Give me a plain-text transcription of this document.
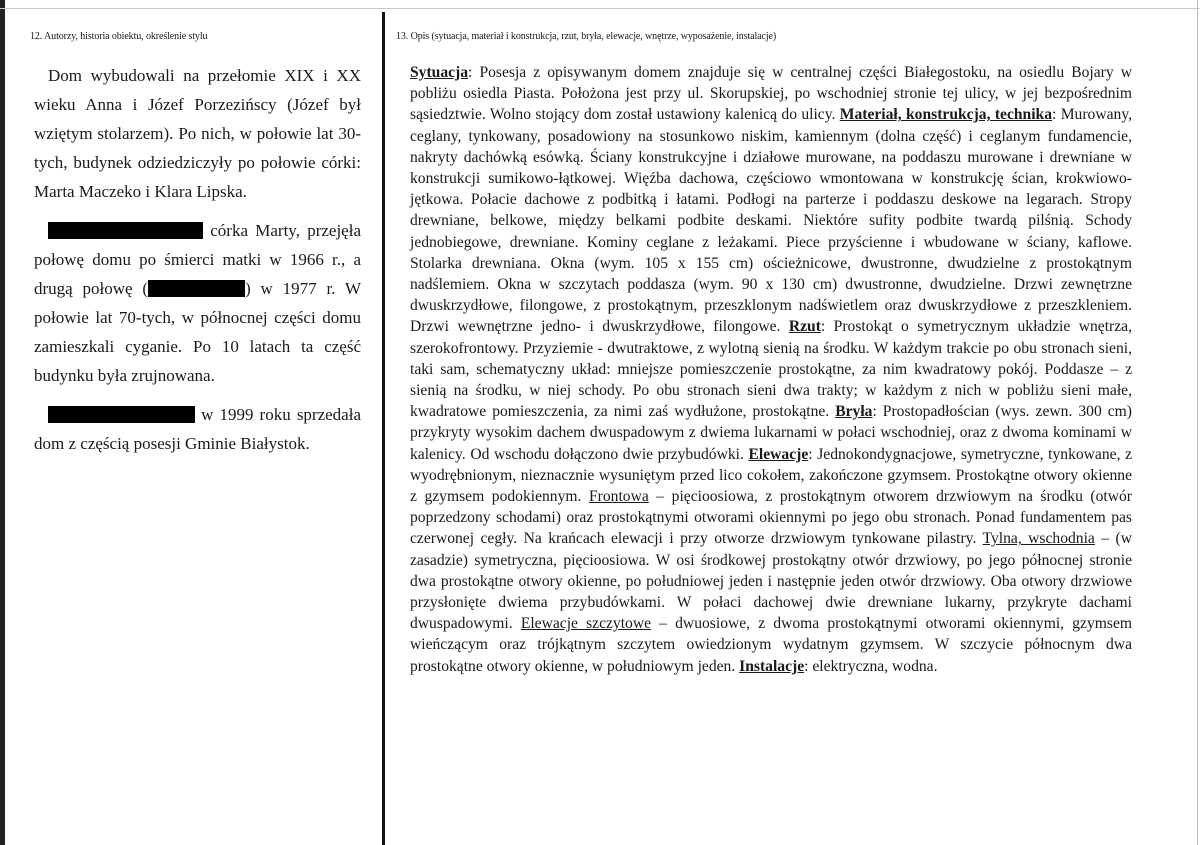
12. Autorzy, historia obiektu, określenie stylu

Dom wybudowali na przełomie XIX i XX wieku Anna i Józef Porzezińscy (Józef był wziętym stolarzem). Po nich, w połowie lat 30-tych, budynek odziedziczyły po połowie córki: Marta Maczeko i Klara Lipska.

córka Marty, przejęła połowę domu po śmierci matki w 1966 r., a drugą połowę (	) w 1977 r. W połowie lat 70-tych, w północnej części domu zamieszkali cyganie. Po 10 latach ta część budynku była zrujnowana.

w 1999 roku sprzedała dom z częścią posesji Gminie Białystok.

13. Opis (sytuacja, materiał i konstrukcja, rzut, bryła, elewacje, wnętrze, wyposażenie, instalacje)
Sytuacja: Posesja z opisywanym domem znajduje się w centralnej części Białegostoku, na osiedlu Bojary w pobliżu osiedla Piasta. Położona jest przy ul. Skorupskiej, po wschodniej stronie tej ulicy, w jej bezpośrednim sąsiedztwie. Wolno stojący dom został ustawiony kalenicą do ulicy. Materiał, konstrukcja, technika: Murowany, ceglany, tynkowany, posadowiony na stosunkowo niskim, kamiennym (dolna część) i ceglanym fundamencie, nakryty dachówką esówką. Ściany konstrukcyjne i działowe murowane, na poddaszu murowane i drewniane w konstrukcji sumikowo-łątkowej. Więźba dachowa, częściowo wmontowana w konstrukcję ścian, krokwiowo-jętkowa. Połacie dachowe z podbitką i łatami. Podłogi na parterze i poddaszu deskowe na legarach. Stropy drewniane, belkowe, między belkami podbite deskami. Niektóre sufity podbite twardą pilśnią. Schody jednobiegowe, drewniane. Kominy ceglane z leżakami. Piece przyścienne i wbudowane w ściany, kaflowe. Stolarka drewniana. Okna (wym. 105 x 155 cm) ościeżnicowe, dwustronne, dwudzielne z prostokątnym nadślemiem. Okna w szczytach poddasza (wym. 90 x 130 cm) dwustronne, dwudzielne. Drzwi zewnętrzne dwuskrzydłowe, filongowe, z prostokątnym, przeszklonym nadświetlem oraz dwuskrzydłowe z przeszkleniem. Drzwi wewnętrzne jedno- i dwuskrzydłowe, filongowe. Rzut: Prostokąt o symetrycznym układzie wnętrza, szerokofrontowy. Przyziemie - dwutraktowe, z wylotną sienią na środku. W każdym trakcie po obu stronach sieni, taki sam, schematyczny układ: mniejsze pomieszczenie prostokątne, za nim kwadratowy pokój. Poddasze – z sienią na środku, w niej schody. Po obu stronach sieni dwa trakty; w każdym z nich w pobliżu sieni małe, kwadratowe pomieszczenia, za nimi zaś wydłużone, prostokątne. Bryła: Prostopadłościan (wys. zewn. 300 cm) przykryty wysokim dachem dwuspadowym z dwiema lukarnami w połaci wschodniej, oraz z dwoma kominami w kalenicy. Od wschodu dołączono dwie przybudówki. Elewacje: Jednokondygnacjowe, symetryczne, tynkowane, z wyodrębnionym, nieznacznie wysuniętym przed lico cokołem, zakończone gzymsem. Prostokątne otwory okienne z gzymsem podokiennym. Frontowa – pięcioosiowa, z prostokątnym otworem drzwiowym na środku (otwór poprzedzony schodami) oraz prostokątnymi otworami okiennymi po jego obu stronach. Ponad fundamentem pas czerwonej cegły. Na krańcach elewacji i przy otworze drzwiowym tynkowane pilastry. Tylna, wschodnia – (w zasadzie) symetryczna, pięcioosiowa. W osi środkowej prostokątny otwór drzwiowy, po jego północnej stronie dwa prostokątne otwory okienne, po południowej jeden i następnie jeden otwór drzwiowy. Oba otwory drzwiowe przysłonięte dwiema przybudówkami. W połaci dachowej dwie drewniane lukarny, przykryte dachami dwuspadowymi. Elewacje szczytowe – dwuosiowe, z dwoma prostokątnymi otworami okiennymi, gzymsem wieńczącym oraz trójkątnym szczytem owiedzionym wydatnym gzymsem. W szczycie północnym dwa prostokątne otwory okienne, w południowym jeden. Instalacje: elektryczna, wodna.
